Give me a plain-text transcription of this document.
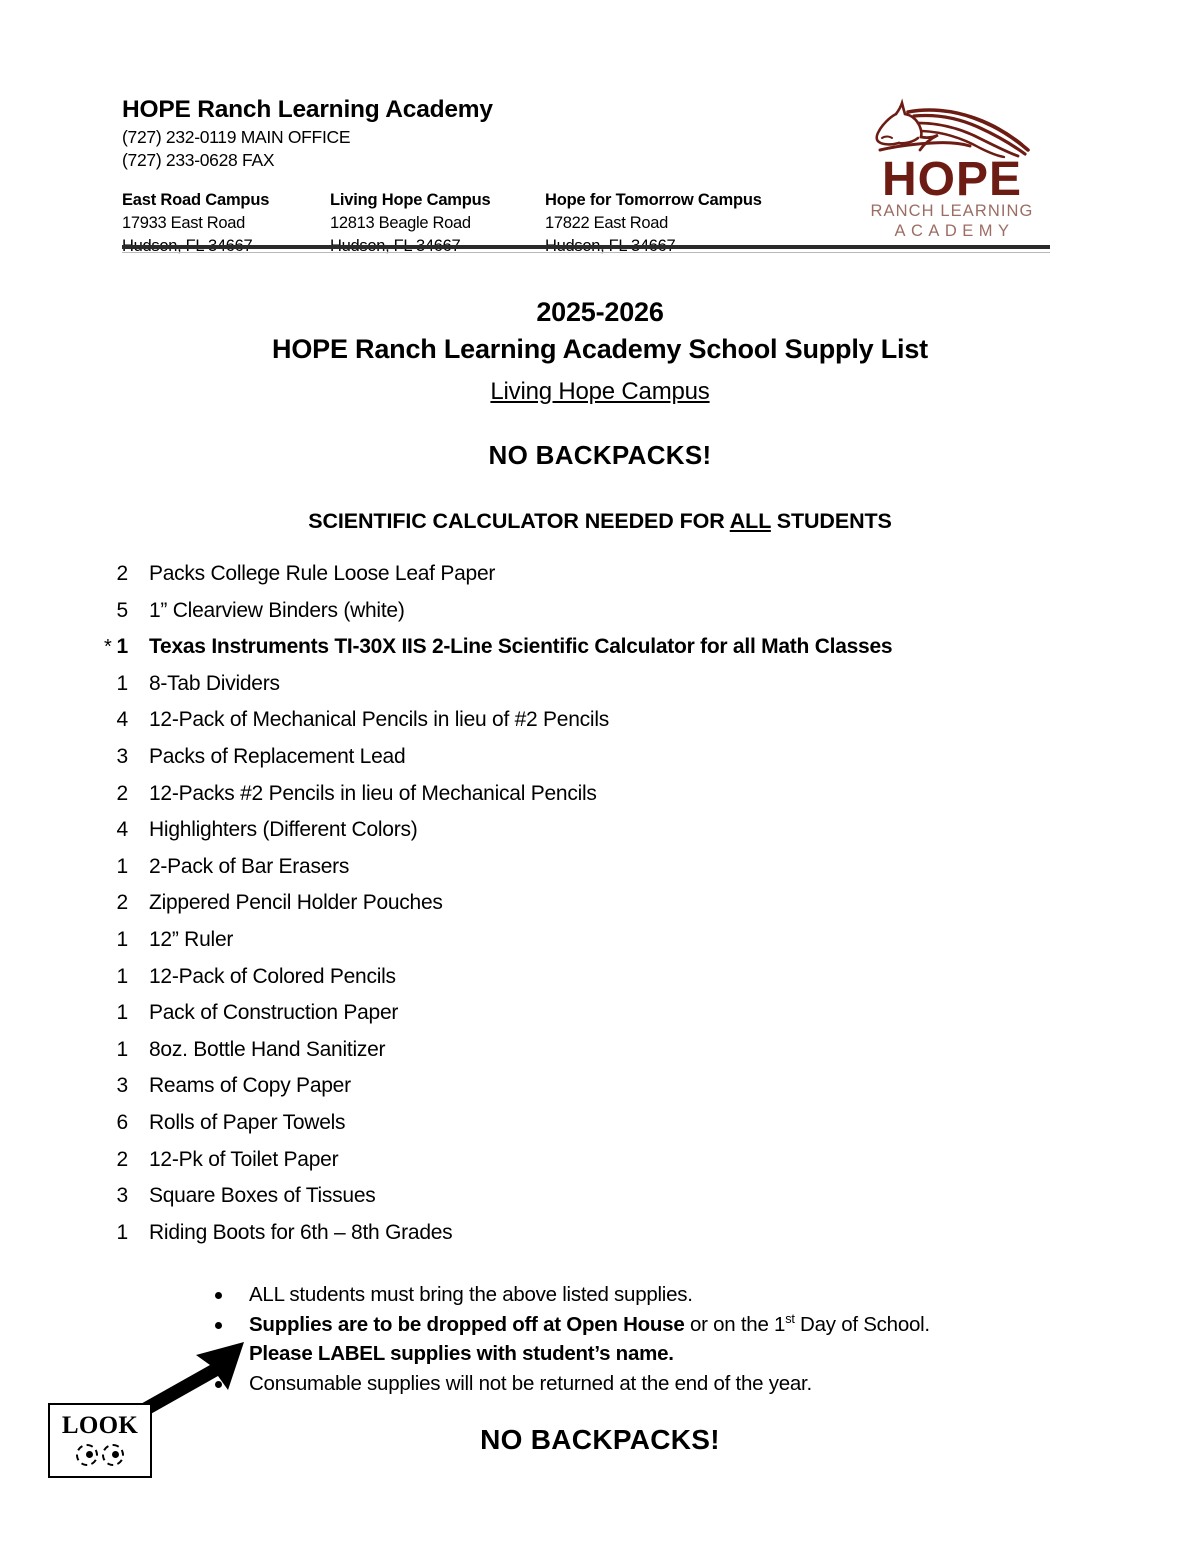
HOPE Ranch Learning Academy
(727) 232-0119 MAIN OFFICE
(727) 233-0628 FAX
East Road Campus
17933 East Road
Living Hope Campus
12813 Beagle Road
Hope for Tomorrow Campus
17822 East Road
HOPE
RANCH LEARNING
ACADEMY
2025-2026
HOPE Ranch Learning Academy School Supply List
Living Hope Campus
NO BACKPACKS!
SCIENTIFIC CALCULATOR NEEDED FOR ALL STUDENTS
2	Packs College Rule Loose Leaf Paper
5	1” Clearview Binders (white)
* 1	Texas Instruments TI-30X IIS 2-Line Scientific Calculator for all Math Classes
1	8-Tab Dividers
4	12-Pack of Mechanical Pencils in lieu of #2 Pencils
3	Packs of Replacement Lead
2	12-Packs #2 Pencils in lieu of Mechanical Pencils
4	Highlighters (Different Colors)
1	2-Pack of Bar Erasers
2	Zippered Pencil Holder Pouches
1	12” Ruler
1	12-Pack of Colored Pencils
1	Pack of Construction Paper
1	8oz. Bottle Hand Sanitizer
3	Reams of Copy Paper
6	Rolls of Paper Towels
2	12-Pk of Toilet Paper
3	Square Boxes of Tissues
1	Riding Boots for 6th – 8th Grades
ALL students must bring the above listed supplies.
Supplies are to be dropped off at Open House or on the 1st Day of School.
Please LABEL supplies with student’s name.
Consumable supplies will not be returned at the end of the year.
LOOK	NO BACKPACKS!
